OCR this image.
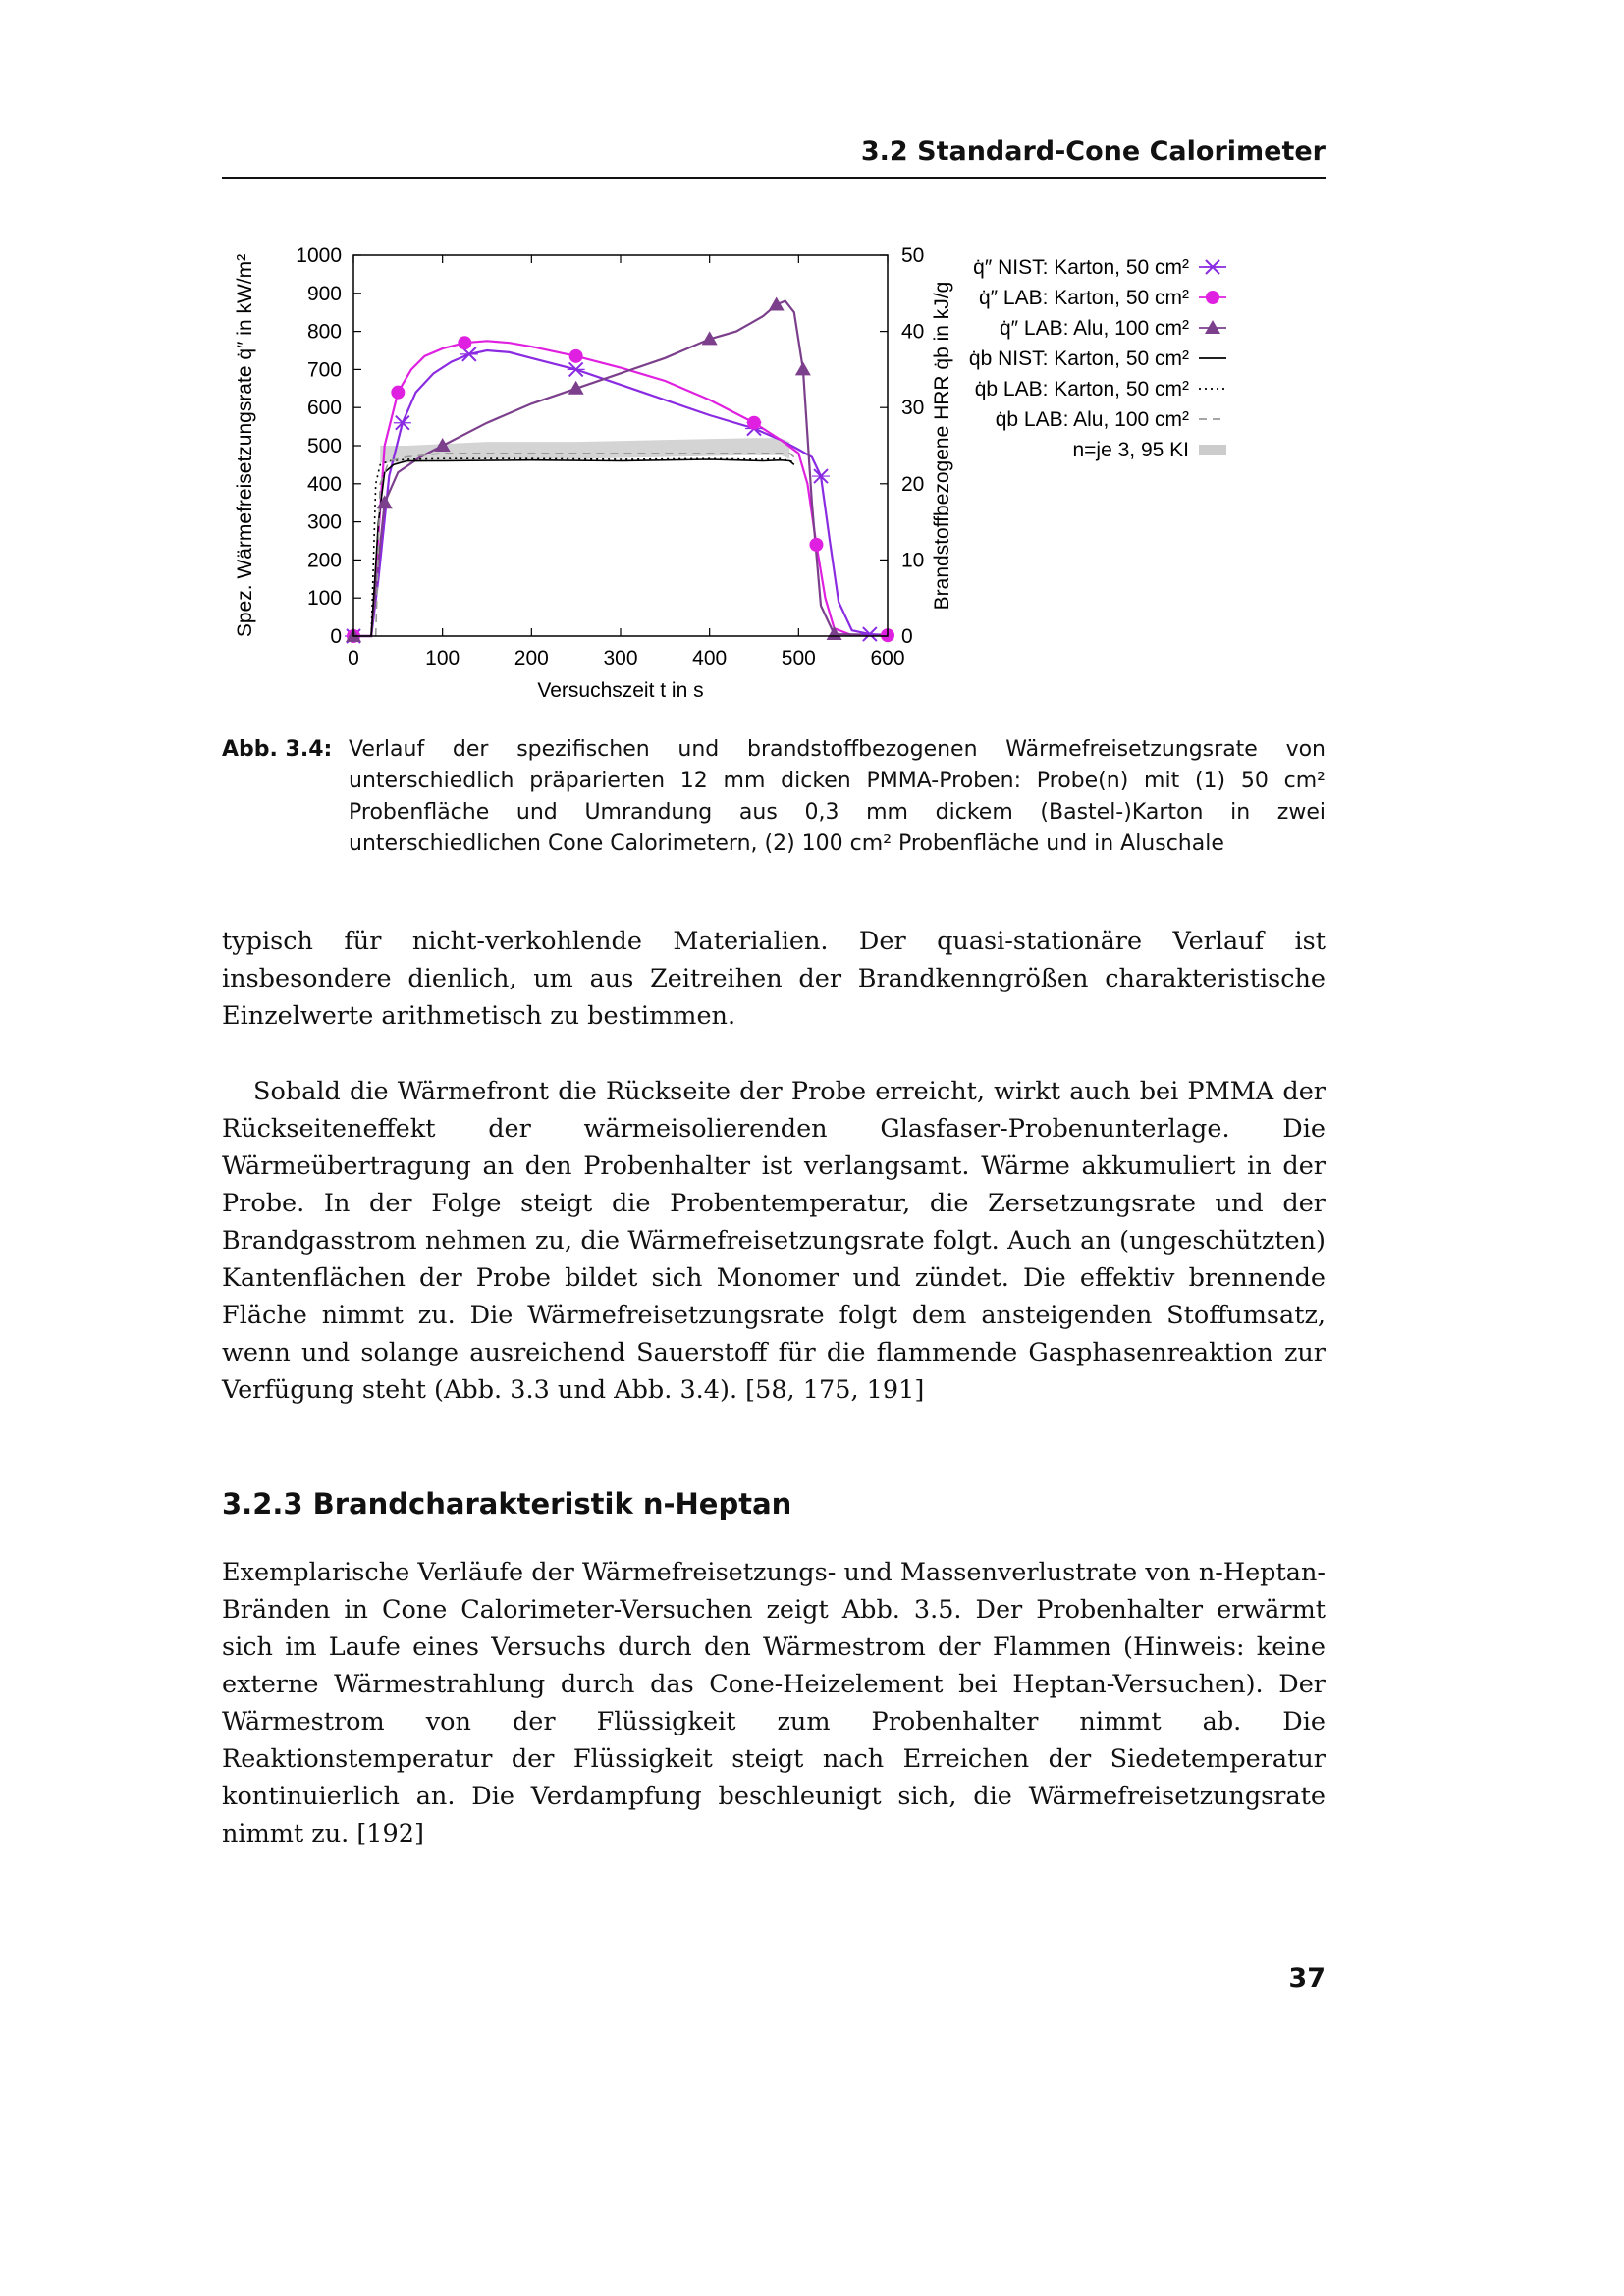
3.2 Standard-Cone Calorimeter
0	100	200	300	400	500	600
0
100
200
300
400
500
600
700
800
900
1000
0
10
20
30
40
50
Spez. Wärmefreisetzungsrate q̇″ in kW/m²	Brandstoffbezogene HRR q̇b in kJ/g
Versuchszeit t in s
q̇″ NIST: Karton, 50 cm²
q̇″ LAB: Karton, 50 cm²
q̇″ LAB: Alu, 100 cm²
q̇b NIST: Karton, 50 cm²
q̇b LAB: Karton, 50 cm²
q̇b LAB: Alu, 100 cm²
n=je 3, 95 KI
Abb. 3.4: Verlauf der spezifischen und brandstoffbezogenen Wärmefreisetzungsrate von unterschiedlich präparierten 12 mm dicken PMMA-Proben: Probe(n) mit (1) 50 cm² Probenfläche und Umrandung aus 0,3 mm dickem (Bastel-)Karton in zwei unterschiedlichen Cone Calorimetern, (2) 100 cm² Probenfläche und in Aluschale
typisch für nicht-verkohlende Materialien. Der quasi-stationäre Verlauf ist insbesondere dienlich, um aus Zeitreihen der Brandkenngrößen charakteristische Einzelwerte arithmetisch zu bestimmen.
Sobald die Wärmefront die Rückseite der Probe erreicht, wirkt auch bei PMMA der Rückseiteneffekt der wärmeisolierenden Glasfaser-Probenunterlage. Die Wärmeübertragung an den Probenhalter ist verlangsamt. Wärme akkumuliert in der Probe. In der Folge steigt die Probentemperatur, die Zersetzungsrate und der Brandgasstrom nehmen zu, die Wärmefreisetzungsrate folgt. Auch an (ungeschützten) Kantenflächen der Probe bildet sich Monomer und zündet. Die effektiv brennende Fläche nimmt zu. Die Wärmefreisetzungsrate folgt dem ansteigenden Stoffumsatz, wenn und solange ausreichend Sauerstoff für die flammende Gasphasenreaktion zur Verfügung steht (Abb. 3.3 und Abb. 3.4). [58, 175, 191]
3.2.3 Brandcharakteristik n-Heptan
Exemplarische Verläufe der Wärmefreisetzungs- und Massenverlustrate von n-Heptan-Bränden in Cone Calorimeter-Versuchen zeigt Abb. 3.5. Der Probenhalter erwärmt sich im Laufe eines Versuchs durch den Wärmestrom der Flammen (Hinweis: keine externe Wärmestrahlung durch das Cone-Heizelement bei Heptan-Versuchen). Der Wärmestrom von der Flüssigkeit zum Probenhalter nimmt ab. Die Reaktionstemperatur der Flüssigkeit steigt nach Erreichen der Siedetemperatur kontinuierlich an. Die Verdampfung beschleunigt sich, die Wärmefreisetzungsrate nimmt zu. [192]
37
